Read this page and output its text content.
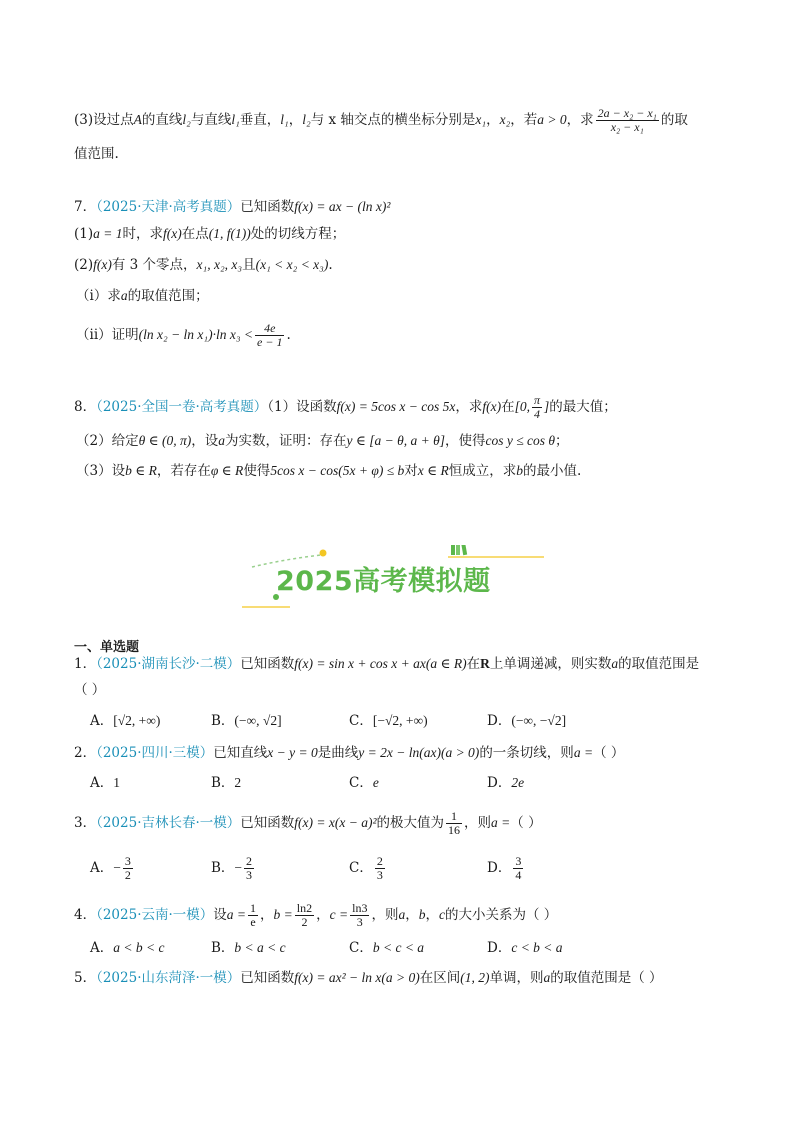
(3)设过点A的直线l₂与直线l₁垂直，l₁，l₂与 x 轴交点的横坐标分别是x₁，x₂，若a > 0，求 $\frac{\text{2a − x₂ − x₁}}{\text{x₂ − x₁}}$ 的取
值范围.
7．（2025·天津·高考真题）已知函数f(x) = ax − (ln x)²
(1)a = 1时，求f(x)在点(1, f(1))处的切线方程；
(2)f(x)有 3 个零点，x₁, x₂, x₃且(x₁ < x₂ < x₃).
（i）求a的取值范围；
（ii）证明(ln x₂ − ln x₁)·ln $x_3 < \frac{4e}{e - 1}$ .
8．（2025·全国一卷·高考真题）（1）设函数f(x) = 5cos x − cos 5x，求f(x)在[0, $\frac{\pi}{4}$ ]的最大值；
（2）给定θ ∈ (0, π)，设a为实数，证明：存在y ∈ [a − θ, a + θ]，使得cos y ≤ cos θ；
（3）设b ∈ R，若存在φ ∈ R使得5cos x − cos(5x + φ) ≤ b对x ∈ R恒成立，求b的最小值.
2025高考模拟题
一、单选题
1．（2025·湖南长沙·二模）已知函数f(x) = sin x + cos x + ax(a ∈ R)在R上单调递减，则实数a的取值范围是
（ ）
A．[√2, +∞)	B．(−∞, √2]	C．[−√2, +∞)	D．(−∞, −√2]
2．（2025·四川·三模）已知直线x − y = 0是曲线y = 2x − ln(ax)(a > 0)的一条切线，则a =（ ）
A．1	B．2	C．e	D．2e
3．（2025·吉林长春·一模）已知函数f(x) = x(x − a)²的极大值为 $\frac{1}{16}$ ，则a =（ ）
A．− $\frac{3}{2}$	B．− $\frac{2}{3}$	C． $\frac{2}{3}$	D． $\frac{3}{4}$
4．（2025·云南·一模）设$a = \frac{1}{e}$ ，$b = \frac{\ln 2}{2}$ ，$c = \frac{\ln 3}{3}$ ，则a，b，c的大小关系为（ ）
A．a < b < c	B．b < a < c	C．b < c < a	D．c < b < a
5．（2025·山东菏泽·一模）已知函数f(x) = ax² − ln x(a > 0)在区间(1, 2)单调，则a的取值范围是（ ）
